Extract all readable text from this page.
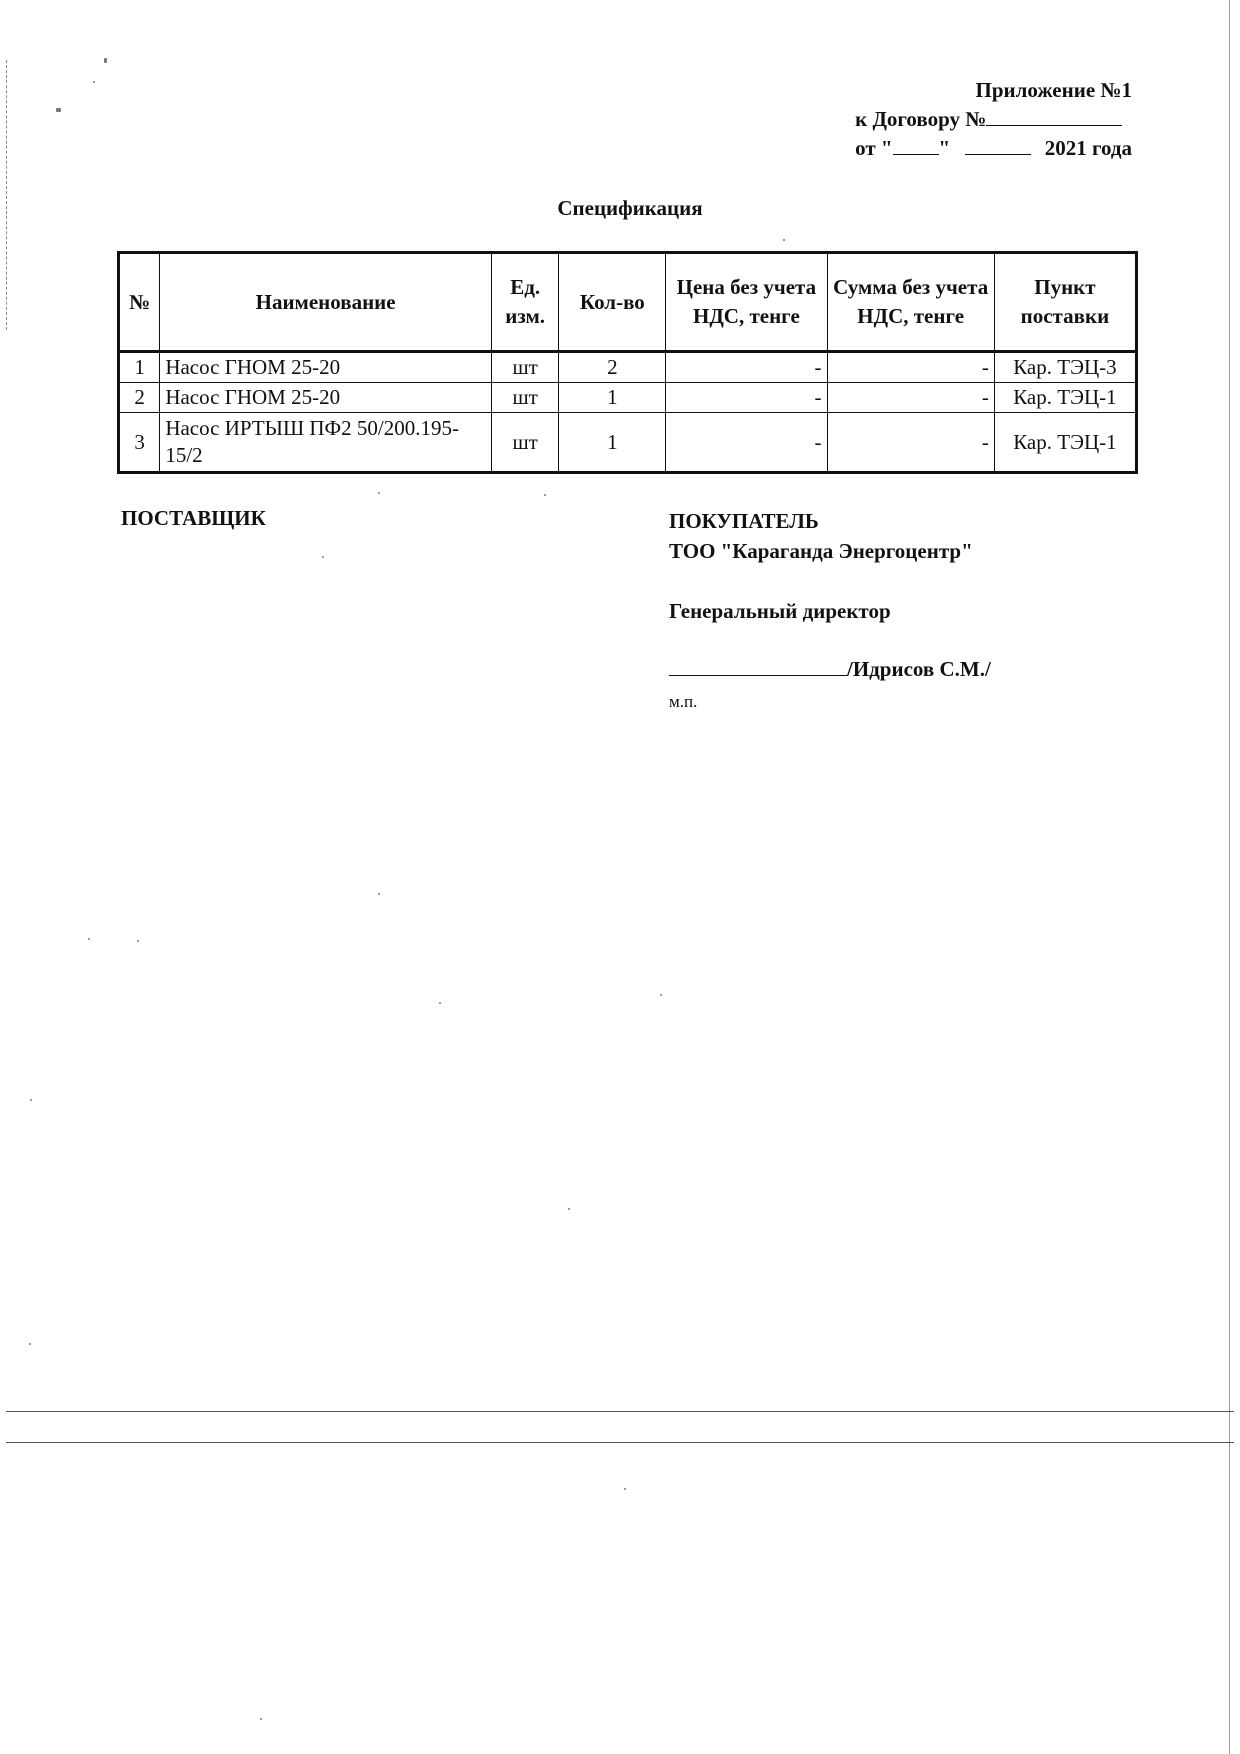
Приложение №1
к Договору №
от " "	2021 года
Спецификация
№	Наименование	Ед. изм.	Кол-во	Цена без учета НДС, тенге	Сумма без учета НДС, тенге	Пункт поставки
1	Насос ГНОМ 25-20	шт	2	-	-	Кар. ТЭЦ-3
2	Насос ГНОМ 25-20	шт	1	-	-	Кар. ТЭЦ-1
3	Насос ИРТЫШ ПФ2 50/200.195-15/2	шт	1	-	-	Кар. ТЭЦ-1
ПОСТАВЩИК	ПОКУПАТЕЛЬ
ТОО "Караганда Энергоцентр"
Генеральный директор
/Идрисов С.М./
м.п.
